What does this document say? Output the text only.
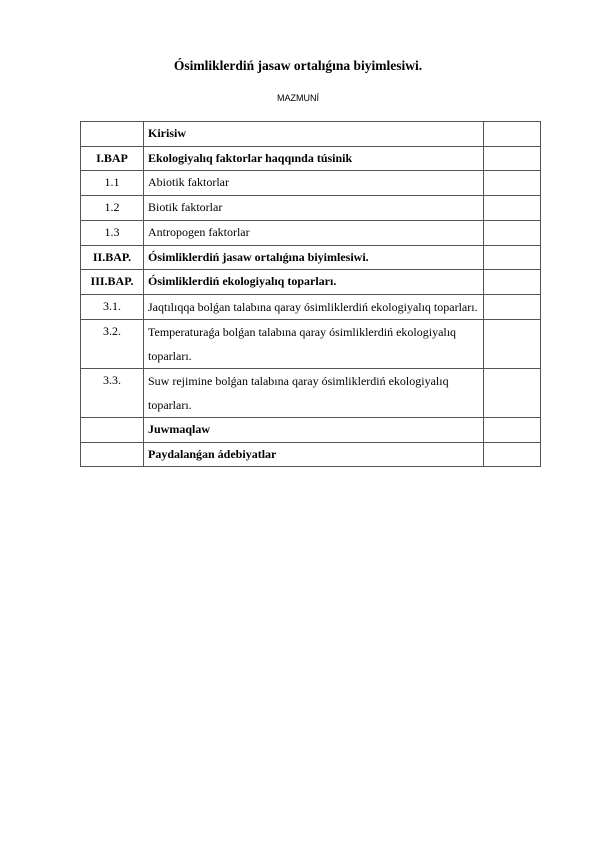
Ósimliklerdiń jasaw ortalıǵına biyimlesiwi.
MAZMUNÍ
	Kirisiw	
I.BAP	Ekologiyalıq faktorlar haqqında túsinik	
1.1	Abiotik faktorlar	
1.2	Biotik faktorlar	
1.3	Antropogen faktorlar	
II.BAP.	Ósimliklerdiń jasaw ortalıǵına biyimlesiwi.	
III.BAP.	Ósimliklerdiń ekologiyalıq toparları.	
3.1.	Jaqtılıqqa bolǵan talabına qaray ósimliklerdiń ekologiyalıq toparları.	
3.2.	Temperaturaǵa bolǵan talabına qaray ósimliklerdiń ekologiyalıq toparları.	
3.3.	Suw rejimine bolǵan talabına qaray ósimliklerdiń ekologiyalıq toparları.	
	Juwmaqlaw	
	Paydalanǵan ádebiyatlar	
